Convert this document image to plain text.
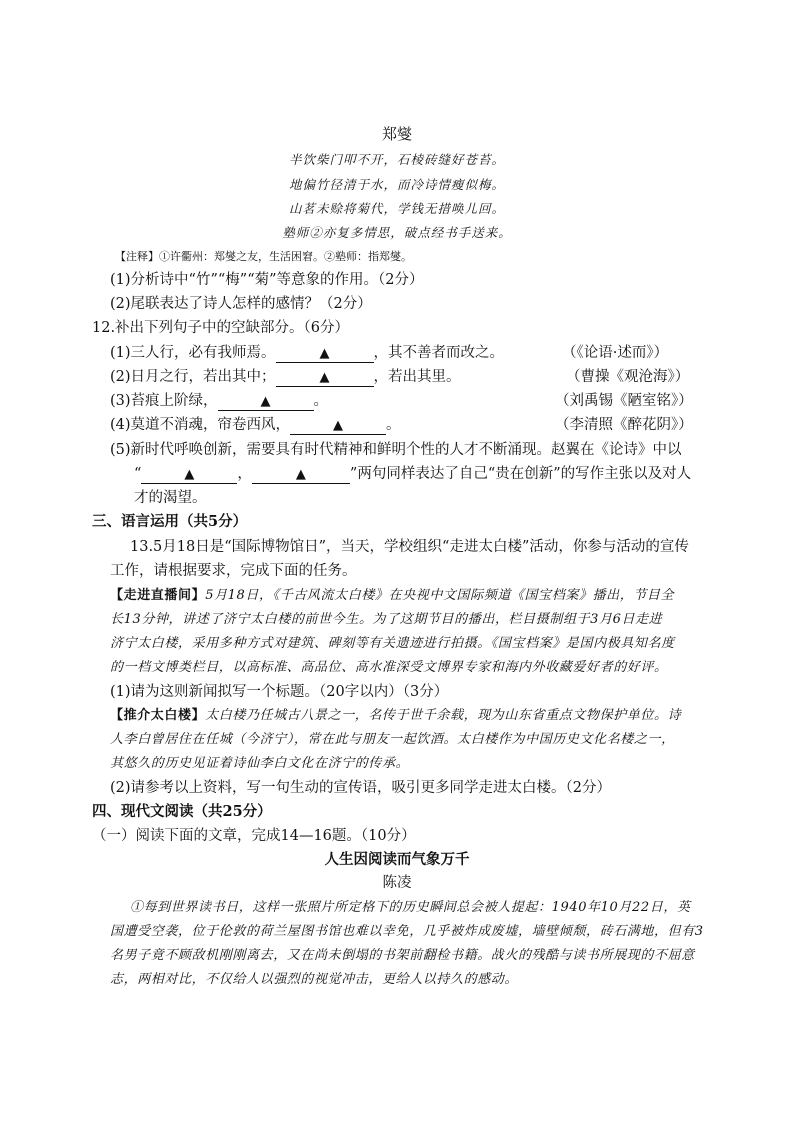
郑燮
半饮柴门叩不开，石棱砖缝好苍苔。
地偏竹径清于水，而冷诗情瘦似梅。
山茗未赊将菊代，学钱无措唤儿回。
塾师②亦复多情思，破点经书手送来。
【注释】①许衢州：郑燮之友，生活困窘。②塾师：指郑燮。
(1)分析诗中“竹”“梅”“菊”等意象的作用。（2分）
(2)尾联表达了诗人怎样的感情？（2分）
12.补出下列句子中的空缺部分。（6分）
(1)三人行，必有我师焉。	▲	，其不善者而改之。	（《论语·述而》）
(2)日月之行，若出其中；	▲	，若出其里。	（曹操《观沧海》）
(3)苔痕上阶绿，	▲	。	（刘禹锡《陋室铭》）
(4)莫道不消魂，帘卷西风，	▲	。	（李清照《醉花阴》）
(5)新时代呼唤创新，需要具有时代精神和鲜明个性的人才不断涌现。赵翼在《论诗》中以
“	▲	，	▲	”两句同样表达了自己“贵在创新”的写作主张以及对人
才的渴望。
三、语言运用（共5分）
13.5月18日是“国际博物馆日”，当天，学校组织“走进太白楼”活动，你参与活动的宣传
工作，请根据要求，完成下面的任务。
【走进直播间】5月18日，《千古风流太白楼》在央视中文国际频道《国宝档案》播出，节目全
长13分钟，讲述了济宁太白楼的前世今生。为了这期节目的播出，栏目摄制组于3月6日走进
济宁太白楼，采用多种方式对建筑、碑刻等有关遗迹进行拍摄。《国宝档案》是国内极具知名度
的一档文博类栏目，以高标准、高品位、高水准深受文博界专家和海内外收藏爱好者的好评。
(1)请为这则新闻拟写一个标题。（20字以内）（3分）
【推介太白楼】太白楼乃任城古八景之一，名传于世千余载，现为山东省重点文物保护单位。诗
人李白曾居住在任城（今济宁），常在此与朋友一起饮酒。太白楼作为中国历史文化名楼之一，
其悠久的历史见证着诗仙李白文化在济宁的传承。
(2)请参考以上资料，写一句生动的宣传语，吸引更多同学走进太白楼。（2分）
四、现代文阅读（共25分）
（一）阅读下面的文章，完成14—16题。（10分）
人生因阅读而气象万千
陈凌
①每到世界读书日，这样一张照片所定格下的历史瞬间总会被人提起：1940年10月22日，英
国遭受空袭，位于伦敦的荷兰屋图书馆也难以幸免，几乎被炸成废墟，墙壁倾颓，砖石满地，但有3
名男子竟不顾敌机刚刚离去，又在尚未倒塌的书架前翻检书籍。战火的残酷与读书所展现的不屈意
志，两相对比，不仅给人以强烈的视觉冲击，更给人以持久的感动。
